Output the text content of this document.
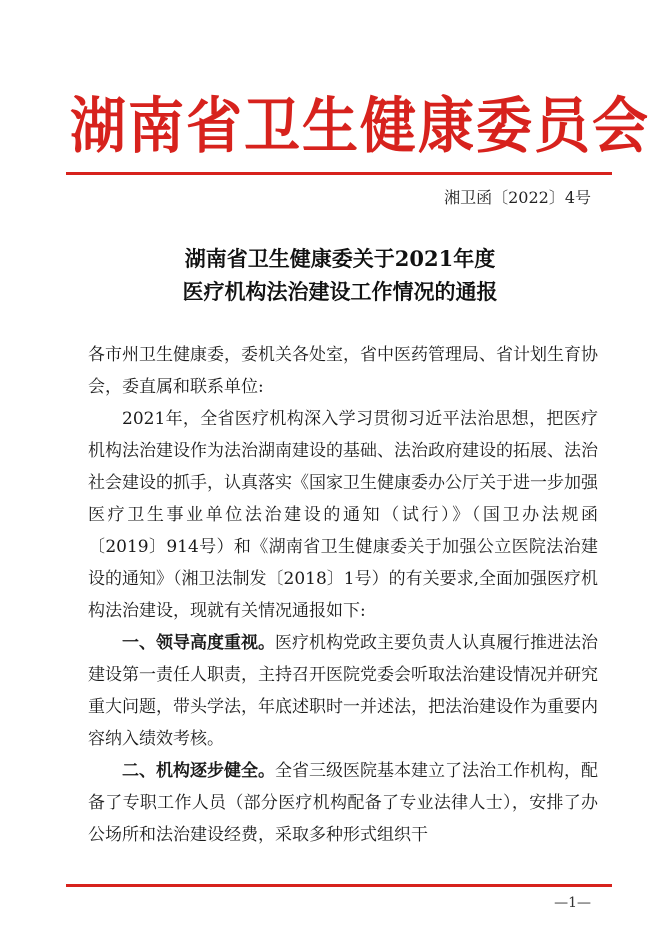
湖南省卫生健康委员会
湘卫函〔2022〕4号
湖南省卫生健康委关于2021年度
医疗机构法治建设工作情况的通报

各市州卫生健康委，委机关各处室，省中医药管理局、省计划生育协会，委直属和联系单位:

2021年，全省医疗机构深入学习贯彻习近平法治思想，把医疗机构法治建设作为法治湖南建设的基础、法治政府建设的拓展、法治社会建设的抓手，认真落实《国家卫生健康委办公厅关于进一步加强医疗卫生事业单位法治建设的通知（试行）》（国卫办法规函〔2019〕914号）和《湖南省卫生健康委关于加强公立医院法治建设的通知》（湘卫法制发〔2018〕1号）的有关要求,全面加强医疗机构法治建设，现就有关情况通报如下:

一、领导高度重视。医疗机构党政主要负责人认真履行推进法治建设第一责任人职责，主持召开医院党委会听取法治建设情况并研究重大问题，带头学法，年底述职时一并述法，把法治建设作为重要内容纳入绩效考核。

二、机构逐步健全。全省三级医院基本建立了法治工作机构，配备了专职工作人员（部分医疗机构配备了专业法律人士），安排了办公场所和法治建设经费，采取多种形式组织干

—1—
